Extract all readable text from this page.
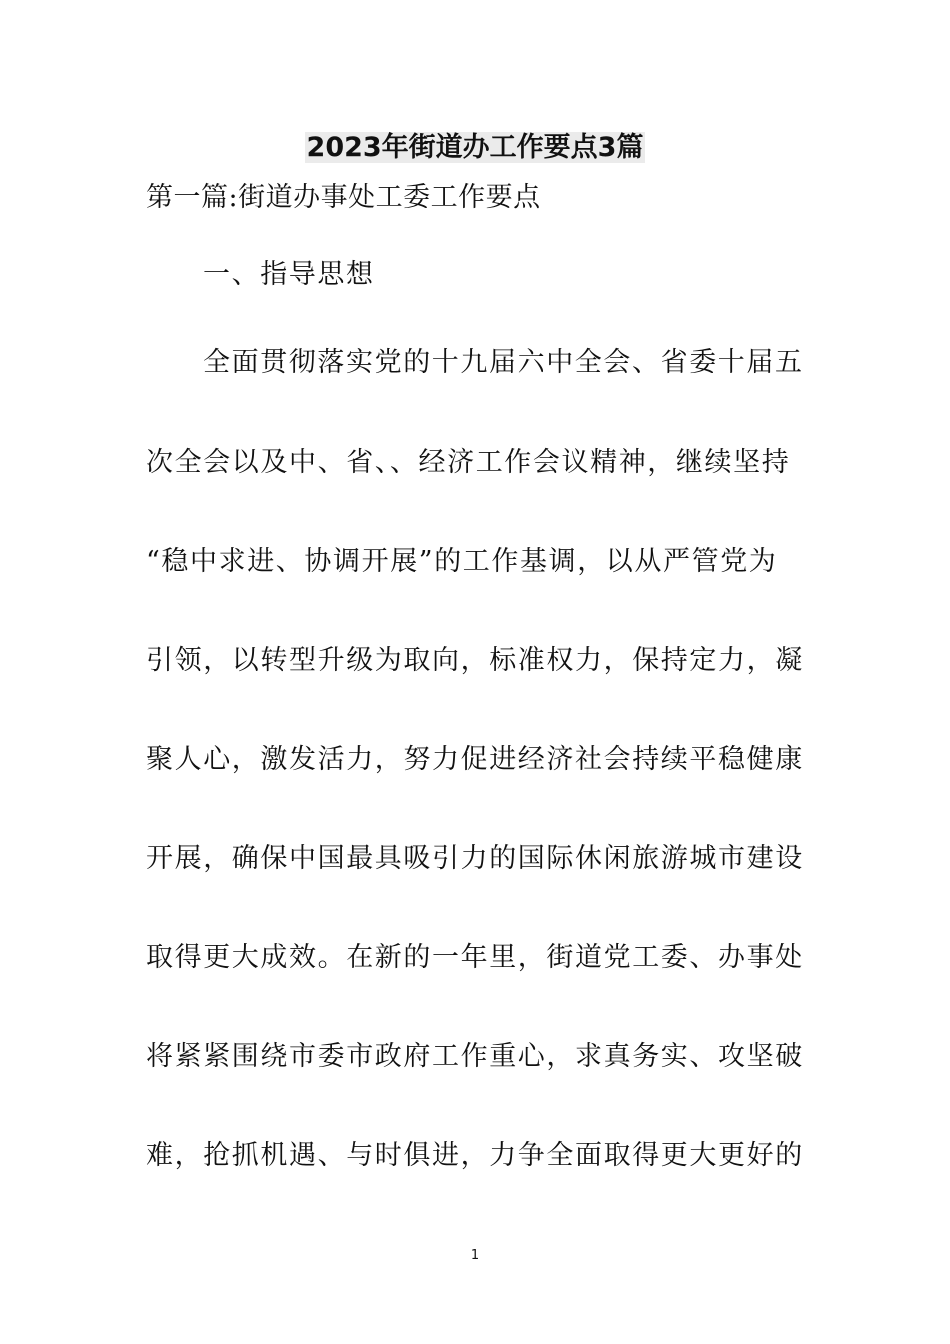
2023年街道办工作要点3篇
第一篇:街道办事处工委工作要点
一、指导思想
全面贯彻落实党的十九届六中全会、省委十届五
次全会以及中、省、、经济工作会议精神，继续坚持
“稳中求进、协调开展”的工作基调，以从严管党为
引领，以转型升级为取向，标准权力，保持定力，凝
聚人心，激发活力，努力促进经济社会持续平稳健康
开展，确保中国最具吸引力的国际休闲旅游城市建设
取得更大成效。在新的一年里，街道党工委、办事处
将紧紧围绕市委市政府工作重心，求真务实、攻坚破
难，抢抓机遇、与时俱进，力争全面取得更大更好的
1
